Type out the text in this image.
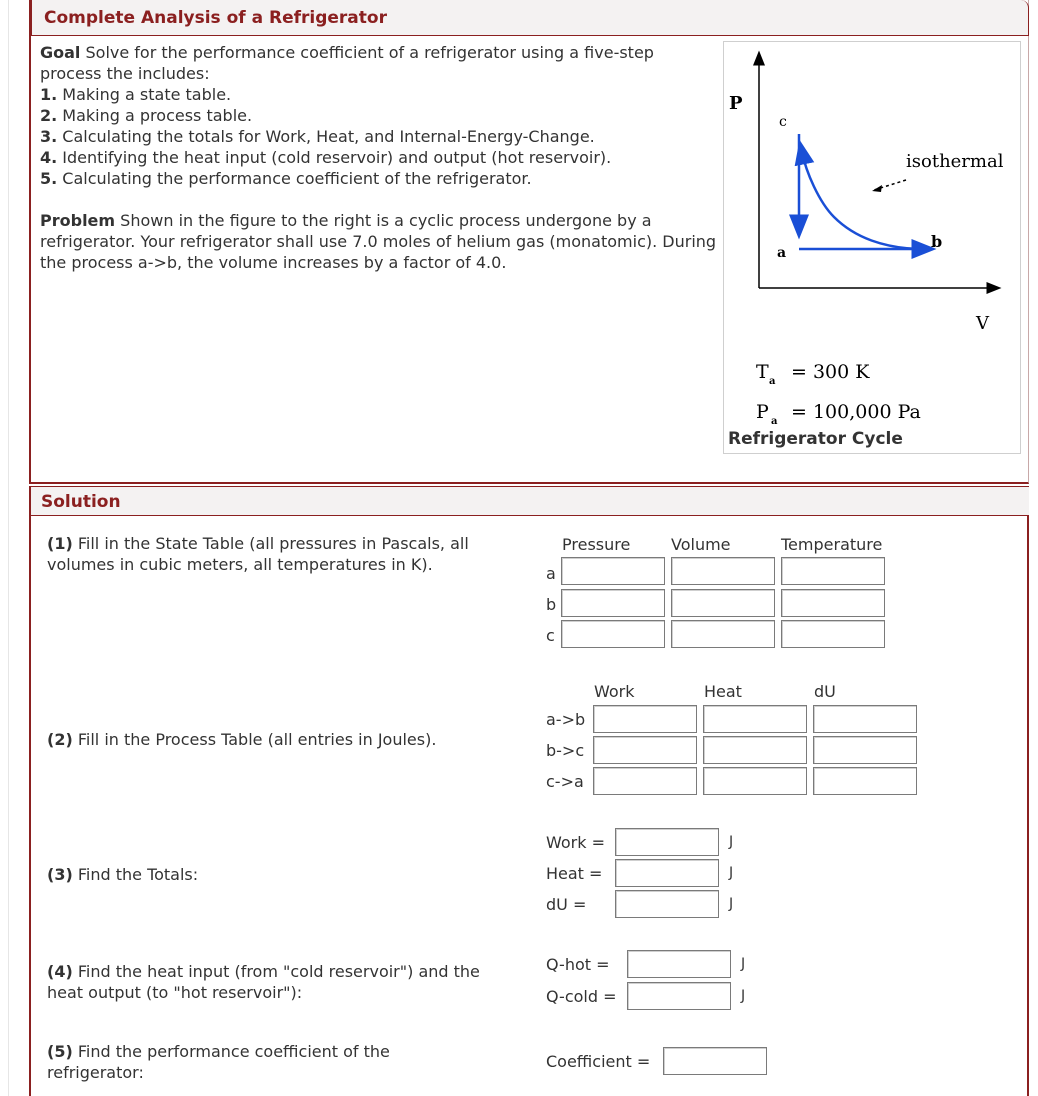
Complete Analysis of a Refrigerator
Goal Solve for the performance coefficient of a refrigerator using a five-step process the includes:
1. Making a state table.
2. Making a process table.
3. Calculating the totals for Work, Heat, and Internal-Energy-Change.
4. Identifying the heat input (cold reservoir) and output (hot reservoir).
5. Calculating the performance coefficient of the refrigerator.
Problem Shown in the figure to the right is a cyclic process undergone by a refrigerator. Your refrigerator shall use 7.0 moles of helium gas (monatomic). During the process a->b, the volume increases by a factor of 4.0.
P
V
c
a
b
isothermal
T a = 300 K
P a = 100,000 Pa
Refrigerator Cycle
Solution
(1) Fill in the State Table (all pressures in Pascals, all volumes in cubic meters, all temperatures in K).
Pressure	Volume	Temperature
a
b
c
(2) Fill in the Process Table (all entries in Joules).
Work	Heat	dU
a->b
b->c
c->a
(3) Find the Totals:
Work =	J
Heat =	J
dU =	J
(4) Find the heat input (from "cold reservoir") and the heat output (to "hot reservoir"):
Q-hot =	J
Q-cold =	J
(5) Find the performance coefficient of the refrigerator:
Coefficient =
